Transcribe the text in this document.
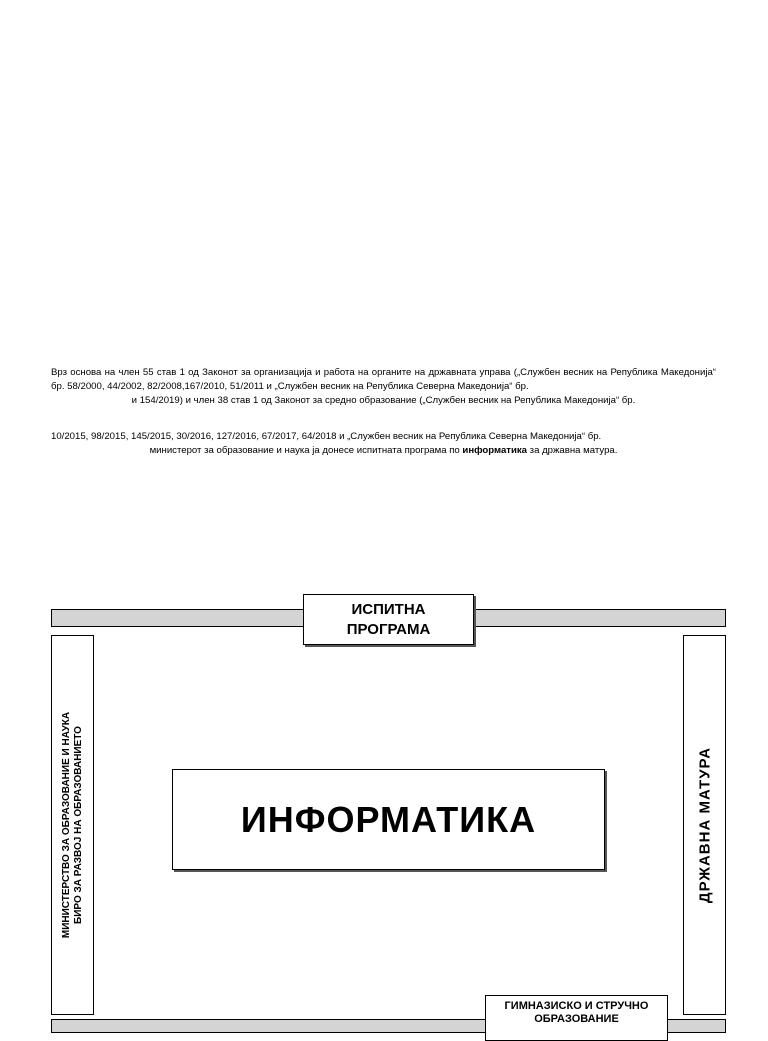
Врз основа на член 55 став 1 од Законот за организација и работа на органите на државната управа („Службен весник на Република Македонија“ бр. 58/2000, 44/2002, 82/2008,167/2010, 51/2011 и „Службен весник на Република Северна Македонија“ бр.
и 154/2019) и член 38 став 1 од Законот за средно образование („Службен весник на Република Македонија“ бр.
10/2015, 98/2015, 145/2015, 30/2016, 127/2016, 67/2017, 64/2018 и „Службен весник на Република Северна Македонија“ бр.
министерот за образование и наука ја донесе испитната програма по информатика за државна матура.
ИСПИТНА
ПРОГРАМА
МИНИСТЕРСТВО ЗА ОБРАЗОВАНИЕ И НАУКА БИРО ЗА РАЗВОЈ НА ОБРАЗОВАНИЕТО	ДРЖАВНА МАТУРА
ИНФОРМАТИКА
ГИМНАЗИСКО И СТРУЧНО
ОБРАЗОВАНИЕ
